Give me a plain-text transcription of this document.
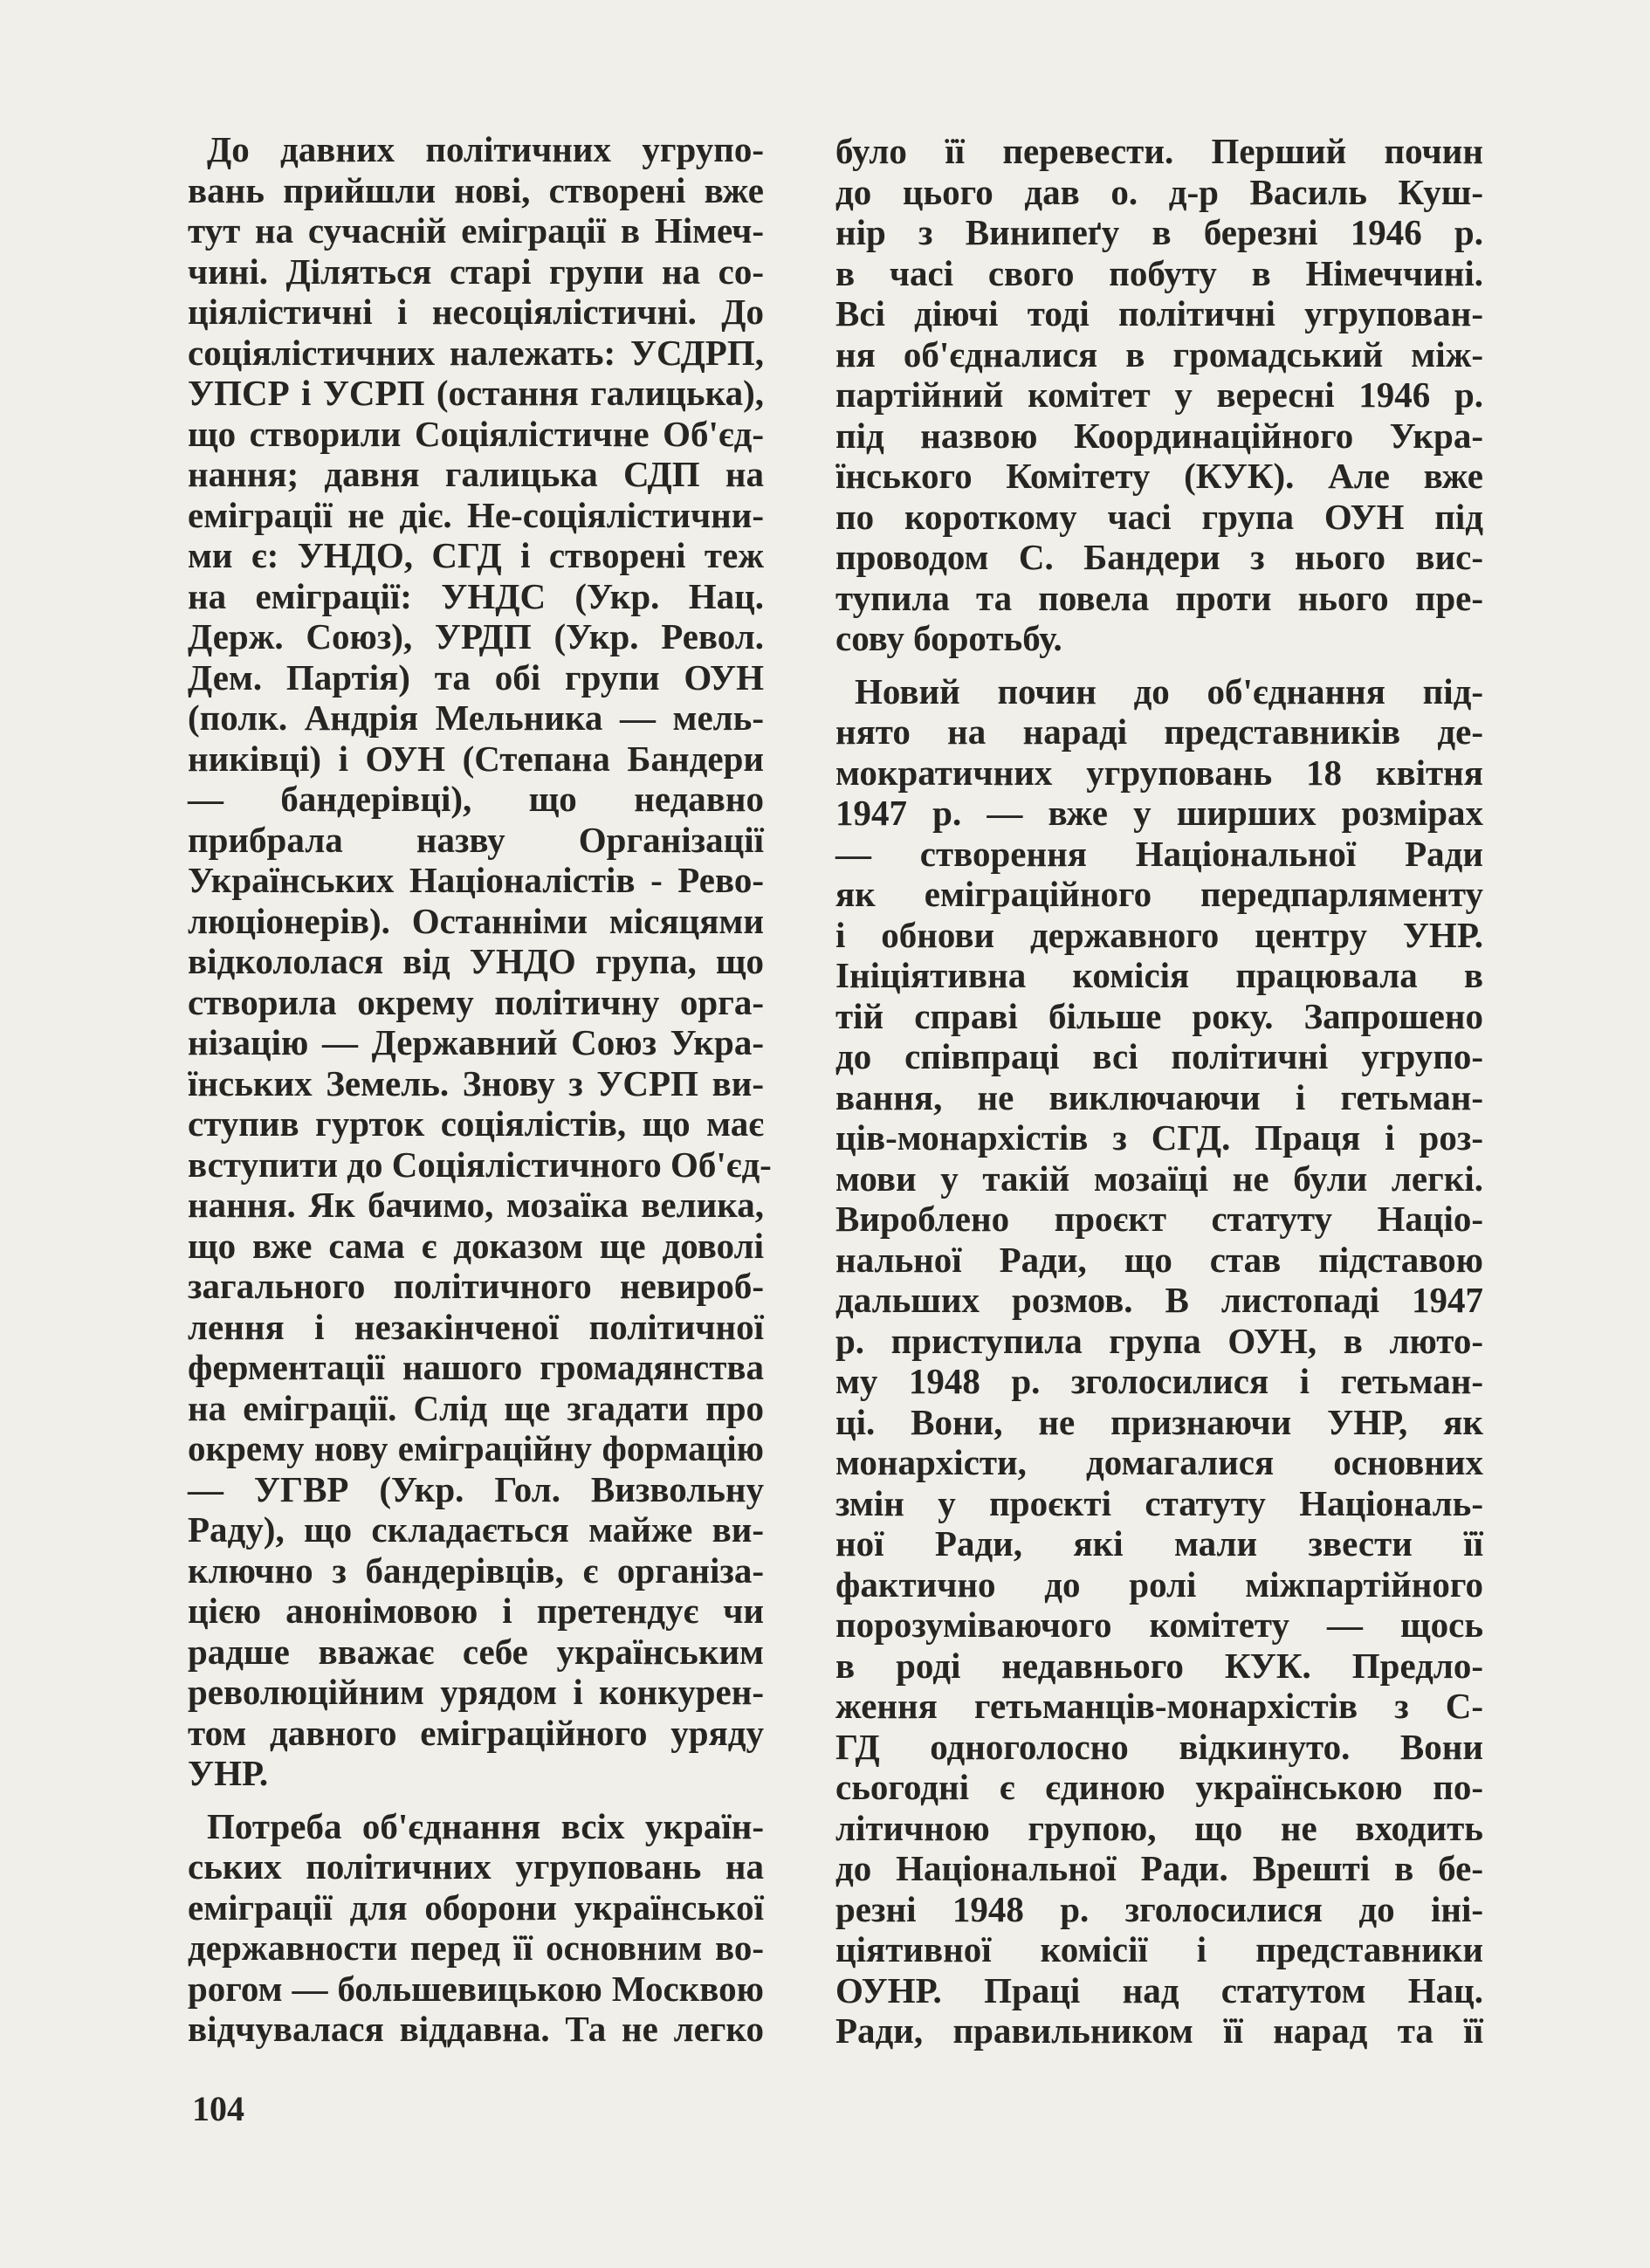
До давних політичних угрупо-
вань прийшли нові, створені вже
тут на сучасній еміграції в Німеч-
чині. Діляться старі групи на со-
ціялістичні і несоціялістичні. До
соціялістичних належать: УСДРП,
УПСР і УСРП (остання галицька),
що створили Соціялістичне Об'єд-
нання; давня галицька СДП на
еміграції не діє. Не-соціялістични-
ми є: УНДО, СГД і створені теж
на еміграції: УНДС (Укр. Нац.
Держ. Союз), УРДП (Укр. Револ.
Дем. Партія) та обі групи ОУН
(полк. Андрія Мельника — мель-
никівці) і ОУН (Степана Бандери
— бандерівці), що недавно
прибрала назву Організації
Українських Націоналістів - Рево-
люціонерів). Останніми місяцями
відкололася від УНДО група, що
створила окрему політичну орга-
нізацію — Державний Союз Укра-
їнських Земель. Знову з УСРП ви-
ступив гурток соціялістів, що має
вступити до Соціялістичного Об'єд-
нання. Як бачимо, мозаїка велика,
що вже сама є доказом ще доволі
загального політичного невироб-
лення і незакінченої політичної
ферментації нашого громадянства
на еміграції. Слід ще згадати про
окрему нову еміграційну формацію
— УГВР (Укр. Гол. Визвольну
Раду), що складається майже ви-
ключно з бандерівців, є організа-
цією анонімовою і претендує чи
радше вважає себе українським
революційним урядом і конкурен-
том давного еміграційного уряду
УНР.
Потреба об'єднання всіх україн-
ських політичних угруповань на
еміграції для оборони української
державности перед її основним во-
рогом — большевицькою Москвою
відчувалася віддавна. Та не легко
було її перевести. Перший почин
до цього дав о. д-р Василь Куш-
нір з Винипеґу в березні 1946 р.
в часі свого побуту в Німеччині.
Всі діючі тоді політичні угрупован-
ня об'єдналися в громадський між-
партійний комітет у вересні 1946 р.
під назвою Координаційного Укра-
їнського Комітету (КУК). Але вже
по короткому часі група ОУН під
проводом С. Бандери з нього вис-
тупила та повела проти нього пре-
сову боротьбу.
Новий почин до об'єднання під-
нято на нараді представників де-
мократичних угруповань 18 квітня
1947 р. — вже у ширших розмірах
— створення Національної Ради
як еміграційного передпарляменту
і обнови державного центру УНР.
Ініціятивна комісія працювала в
тій справі більше року. Запрошено
до співпраці всі політичні угрупо-
вання, не виключаючи і гетьман-
ців-монархістів з СГД. Праця і роз-
мови у такій мозаїці не були легкі.
Вироблено проєкт статуту Націо-
нальної Ради, що став підставою
дальших розмов. В листопаді 1947
р. приступила група ОУН, в люто-
му 1948 р. зголосилися і гетьман-
ці. Вони, не признаючи УНР, як
монархісти, домагалися основних
змін у проєкті статуту Національ-
ної Ради, які мали звести її
фактично до ролі міжпартійного
порозуміваючого комітету — щось
в роді недавнього КУК. Предло-
ження гетьманців-монархістів з С-
ГД одноголосно відкинуто. Вони
сьогодні є єдиною українською по-
літичною групою, що не входить
до Національної Ради. Врешті в бе-
резні 1948 р. зголосилися до іні-
ціятивної комісії і представники
ОУНР. Праці над статутом Нац.
Ради, правильником її нарад та її
104
